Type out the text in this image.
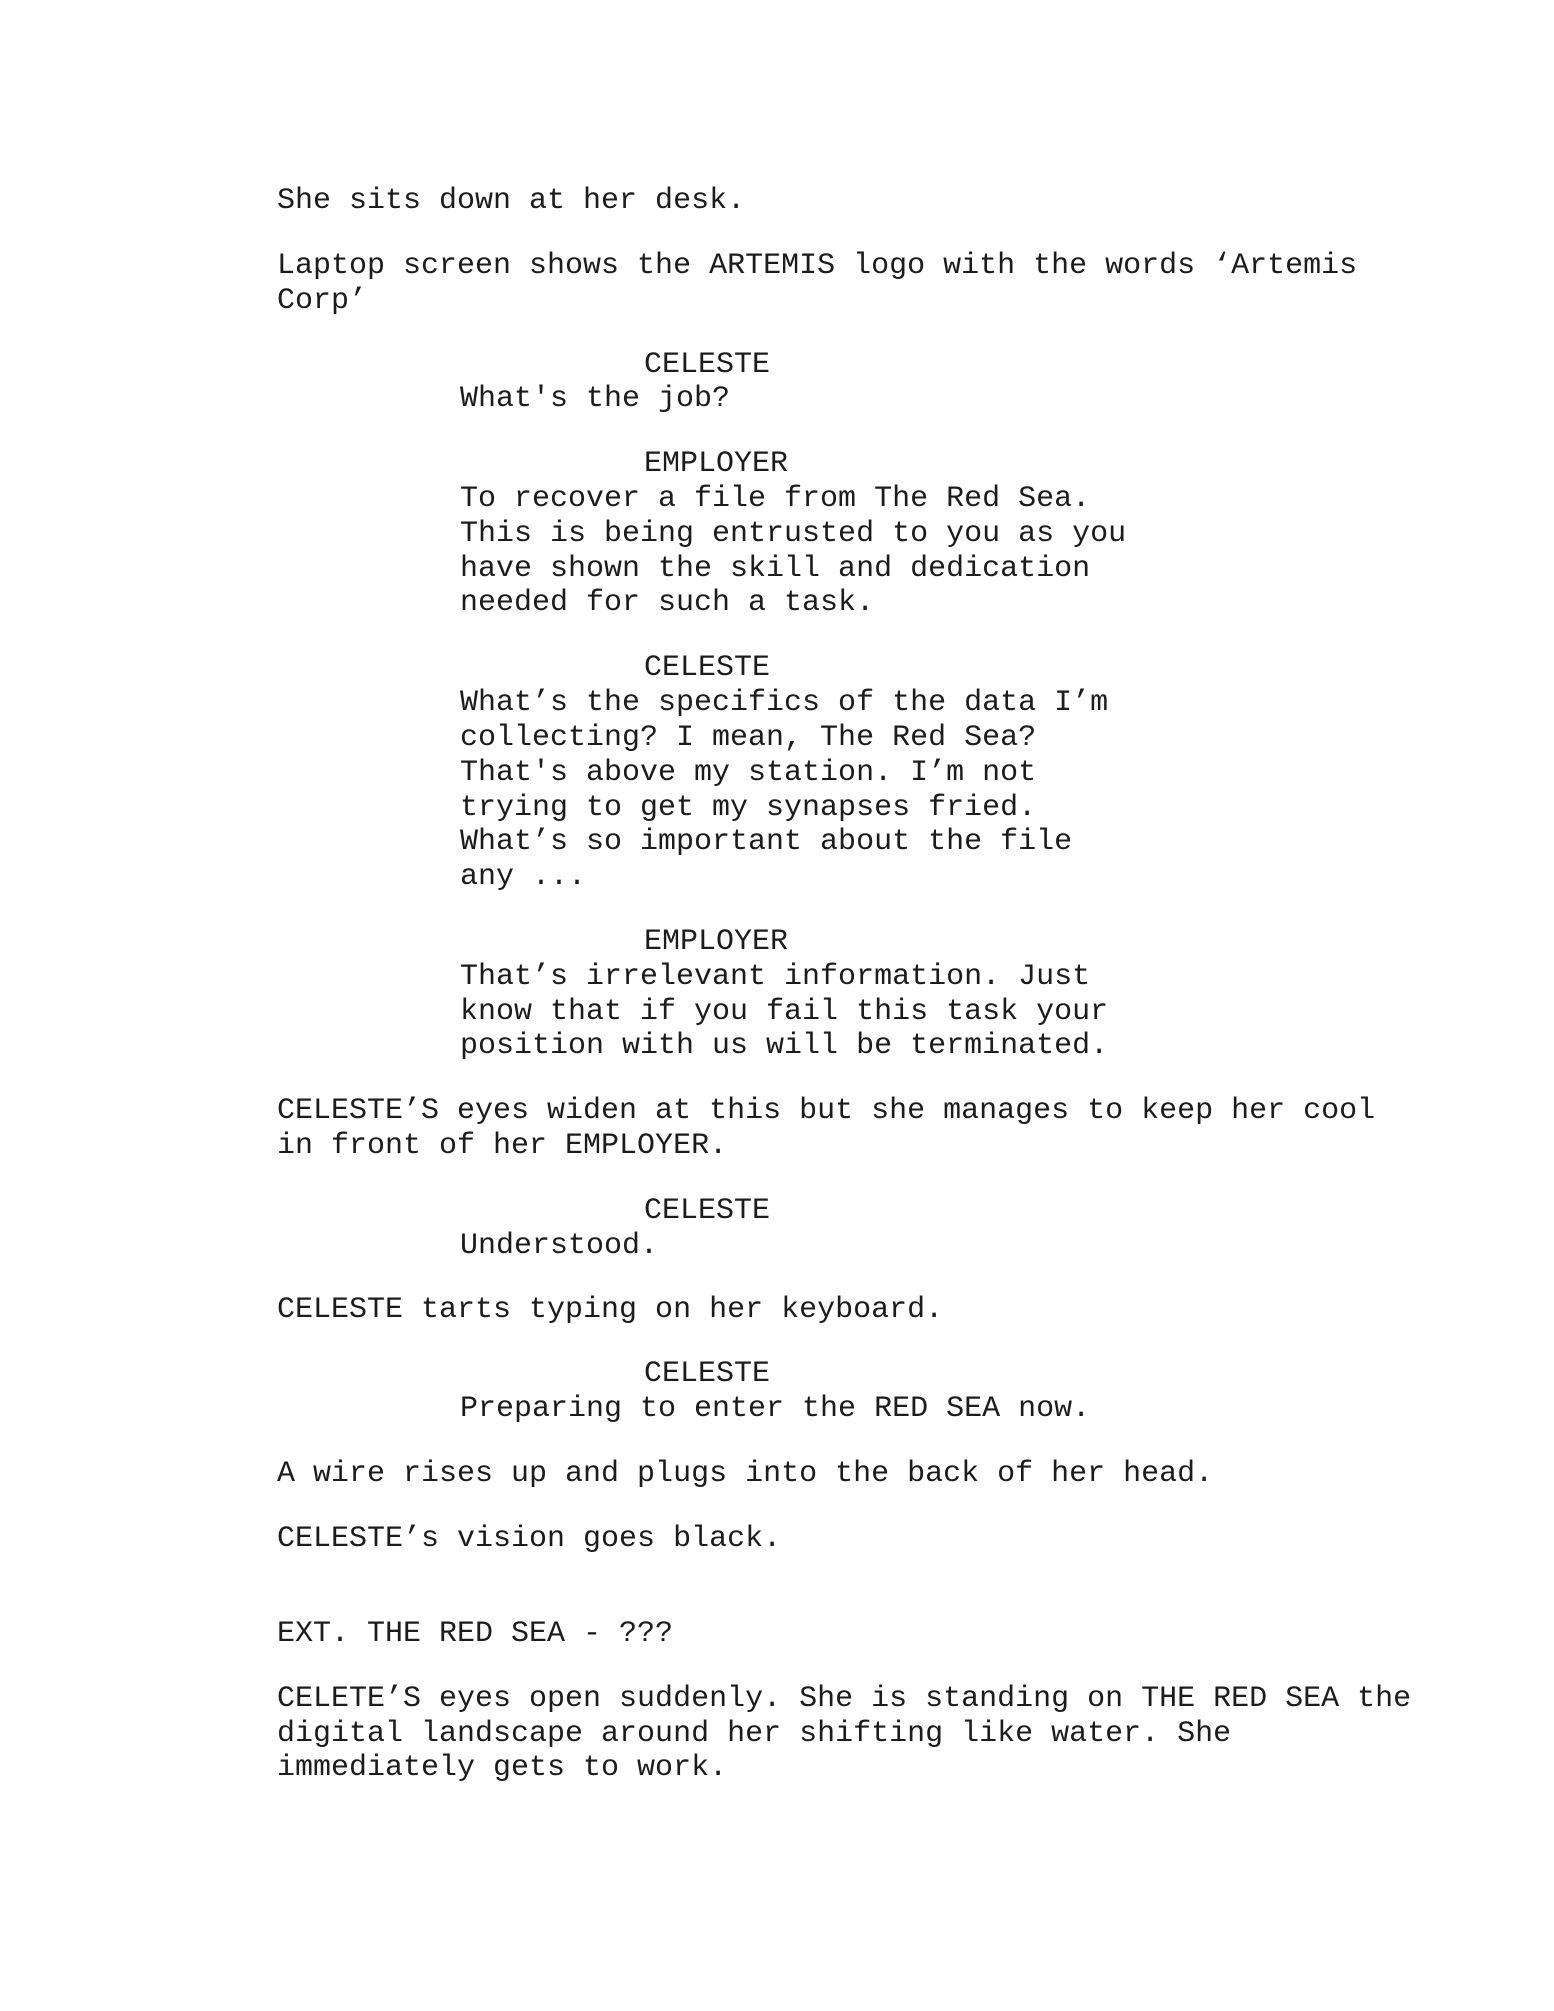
She sits down at her desk.
Laptop screen shows the ARTEMIS logo with the words ‘Artemis
Corp’
CELESTE
What's the job?
EMPLOYER
To recover a file from The Red Sea.
This is being entrusted to you as you
have shown the skill and dedication
needed for such a task.
CELESTE
What’s the specifics of the data I’m
collecting? I mean, The Red Sea?
That's above my station. I’m not
trying to get my synapses fried.
What’s so important about the file
any ...
EMPLOYER
That’s irrelevant information. Just
know that if you fail this task your
position with us will be terminated.
CELESTE’S eyes widen at this but she manages to keep her cool
in front of her EMPLOYER.
CELESTE
Understood.
CELESTE tarts typing on her keyboard.
CELESTE
Preparing to enter the RED SEA now.
A wire rises up and plugs into the back of her head.
CELESTE’s vision goes black.
EXT. THE RED SEA - ???
CELETE’S eyes open suddenly. She is standing on THE RED SEA the
digital landscape around her shifting like water. She
immediately gets to work.
